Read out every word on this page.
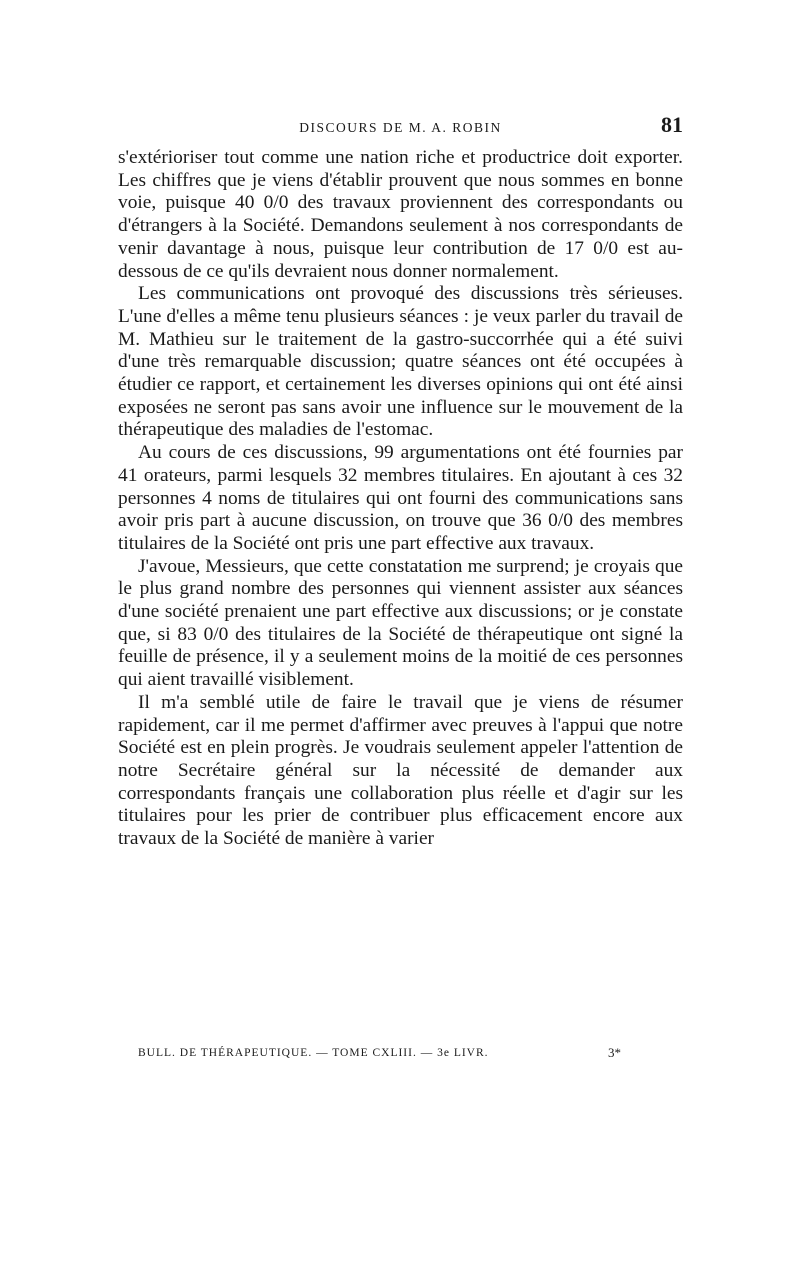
DISCOURS DE M. A. ROBIN	81

s'extérioriser tout comme une nation riche et productrice doit exporter. Les chiffres que je viens d'établir prouvent que nous sommes en bonne voie, puisque 40 0/0 des travaux proviennent des correspondants ou d'étrangers à la Société. Demandons seulement à nos correspondants de venir davantage à nous, puisque leur contribution de 17 0/0 est au-dessous de ce qu'ils devraient nous donner normalement.

Les communications ont provoqué des discussions très sérieuses. L'une d'elles a même tenu plusieurs séances : je veux parler du travail de M. Mathieu sur le traitement de la gastro-succorrhée qui a été suivi d'une très remarquable discussion; quatre séances ont été occupées à étudier ce rapport, et certainement les diverses opinions qui ont été ainsi exposées ne seront pas sans avoir une influence sur le mouvement de la thérapeutique des maladies de l'estomac.

Au cours de ces discussions, 99 argumentations ont été fournies par 41 orateurs, parmi lesquels 32 membres titulaires. En ajoutant à ces 32 personnes 4 noms de titulaires qui ont fourni des communications sans avoir pris part à aucune discussion, on trouve que 36 0/0 des membres titulaires de la Société ont pris une part effective aux travaux.

J'avoue, Messieurs, que cette constatation me surprend; je croyais que le plus grand nombre des personnes qui viennent assister aux séances d'une société prenaient une part effective aux discussions; or je constate que, si 83 0/0 des titulaires de la Société de thérapeutique ont signé la feuille de présence, il y a seulement moins de la moitié de ces personnes qui aient travaillé visiblement.

Il m'a semblé utile de faire le travail que je viens de résumer rapidement, car il me permet d'affirmer avec preuves à l'appui que notre Société est en plein progrès. Je voudrais seulement appeler l'attention de notre Secrétaire général sur la nécessité de demander aux correspondants français une collaboration plus réelle et d'agir sur les titulaires pour les prier de contribuer plus efficacement encore aux travaux de la Société de manière à varier

BULL. DE THÉRAPEUTIQUE. — TOME CXLIII. — 3e LIVR.	3*
